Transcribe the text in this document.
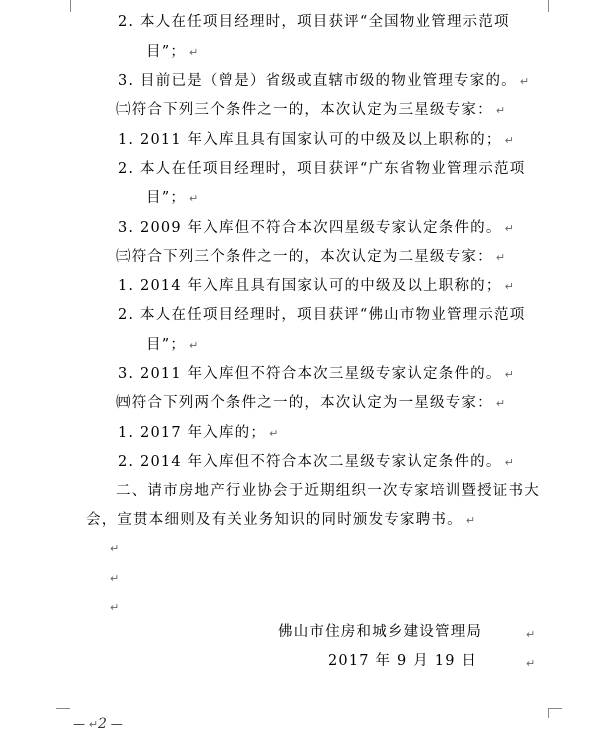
2. 本人在任项目经理时，项目获评“全国物业管理示范项
目”； ↵
3. 目前已是（曾是）省级或直辖市级的物业管理专家的。 ↵
㈡符合下列三个条件之一的，本次认定为三星级专家： ↵
1. 2011 年入库且具有国家认可的中级及以上职称的； ↵
2. 本人在任项目经理时，项目获评“广东省物业管理示范项
目”； ↵
3. 2009 年入库但不符合本次四星级专家认定条件的。 ↵
㈢符合下列三个条件之一的，本次认定为二星级专家： ↵
1. 2014 年入库且具有国家认可的中级及以上职称的； ↵
2. 本人在任项目经理时，项目获评“佛山市物业管理示范项
目”； ↵
3. 2011 年入库但不符合本次三星级专家认定条件的。 ↵
㈣符合下列两个条件之一的，本次认定为一星级专家： ↵
1. 2017 年入库的； ↵
2. 2014 年入库但不符合本次二星级专家认定条件的。 ↵
二、请市房地产行业协会于近期组织一次专家培训暨授证书大
会，宣贯本细则及有关业务知识的同时颁发专家聘书。 ↵
↵
↵
↵
佛山市住房和城乡建设管理局	↵
2017 年 9 月 19 日	↵
— ↵2 —
